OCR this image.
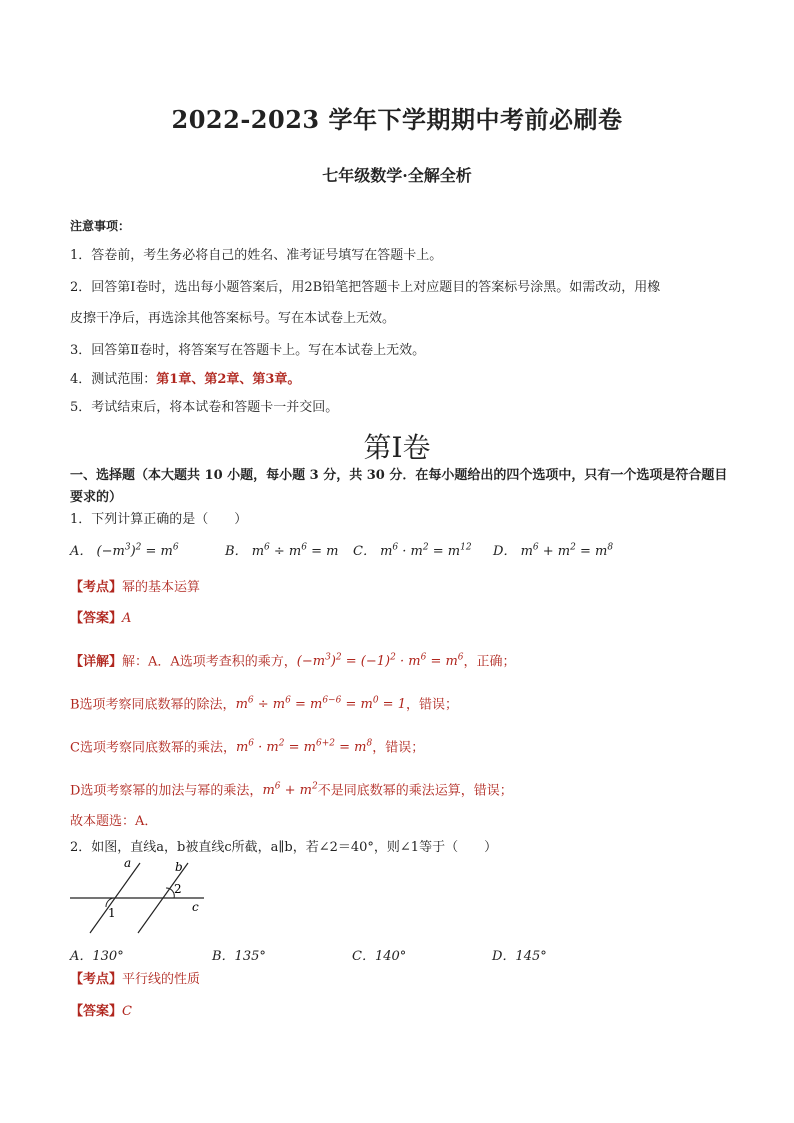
2022-2023 学年下学期期中考前必刷卷
七年级数学·全解全析
注意事项：
1．答卷前，考生务必将自己的姓名、准考证号填写在答题卡上。
2．回答第Ⅰ卷时，选出每小题答案后，用2B铅笔把答题卡上对应题目的答案标号涂黑。如需改动，用橡
皮擦干净后，再选涂其他答案标号。写在本试卷上无效。
3．回答第Ⅱ卷时，将答案写在答题卡上。写在本试卷上无效。
4．测试范围：第1章、第2章、第3章。
5．考试结束后，将本试卷和答题卡一并交回。
第Ⅰ卷
一、选择题（本大题共 10 小题，每小题 3 分，共 30 分．在每小题给出的四个选项中，只有一个选项是符合题目要求的）
1．下列计算正确的是（　　）
A． $(-m^3)^2 = m^6$	B． $m^6 \div m^6 = m$ C． $m^6 \cdot m^2 = m^{12}$ D． $m^6 + m^2 = m^8$
【考点】幂的基本运算
【答案】A
【详解】解：A．A选项考查积的乘方，$(-m^3)^2 = (-1)^2 \cdot m^6 = m^6$，正确；
B选项考察同底数幂的除法，$m^6 \div m^6 = m^{6-6} = m^0 = 1$，错误；
C选项考察同底数幂的乘法，$m^6 \cdot m^2 = m^{6+2} = m^8$，错误；
D选项考察幂的加法与幂的乘法，$m^6 + m^2$不是同底数幂的乘法运算，错误；
故本题选：A．
2．如图，直线a，b被直线c所截，a∥b，若∠2＝40°，则∠1等于（　　）
a	b
c
1
2
A．130°	B．135°	C．140°	D．145°
【考点】平行线的性质
【答案】C
